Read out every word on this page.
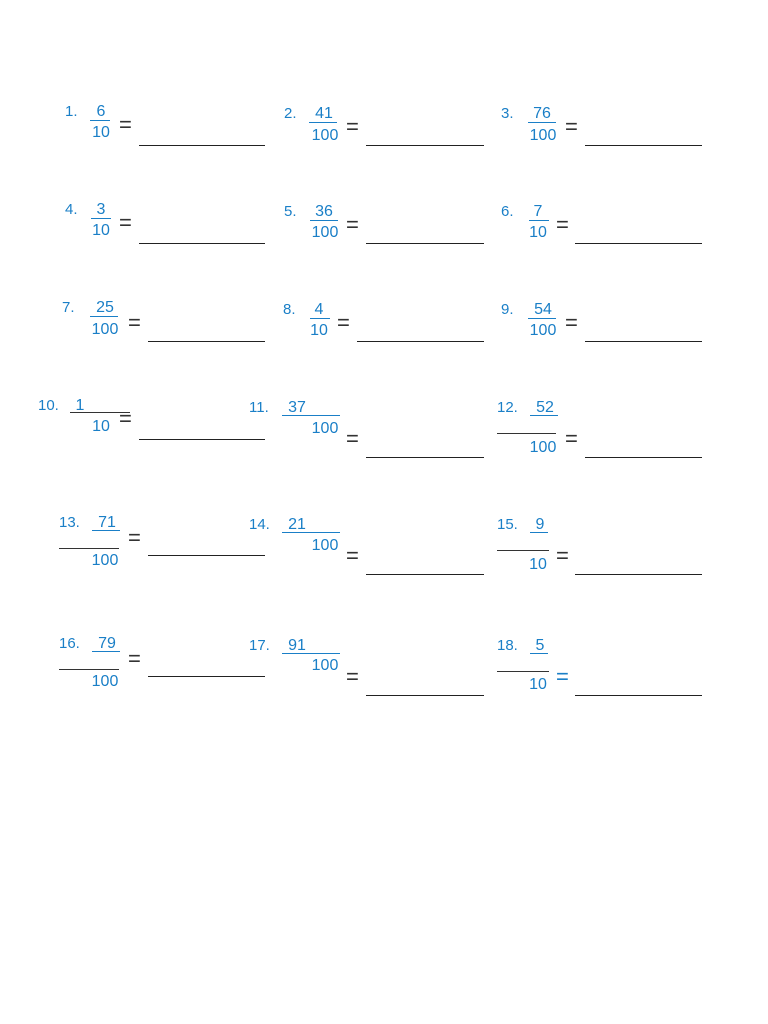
1. 6
10 =	2. 41
100 =
3. 76
100 =
4. 3
10 =	5. 36
100 =
6. 7
10 =
7. 25
100 =
8. 4
10 =
9. 54
100 =
10. 1
10 =	11. 37
100 =
12. 52
100 =
13. 71
100
=
14. 21
100 =
15. 9
10 =
16. 79
100
=
17. 91
100 =
18. 5
10 =
